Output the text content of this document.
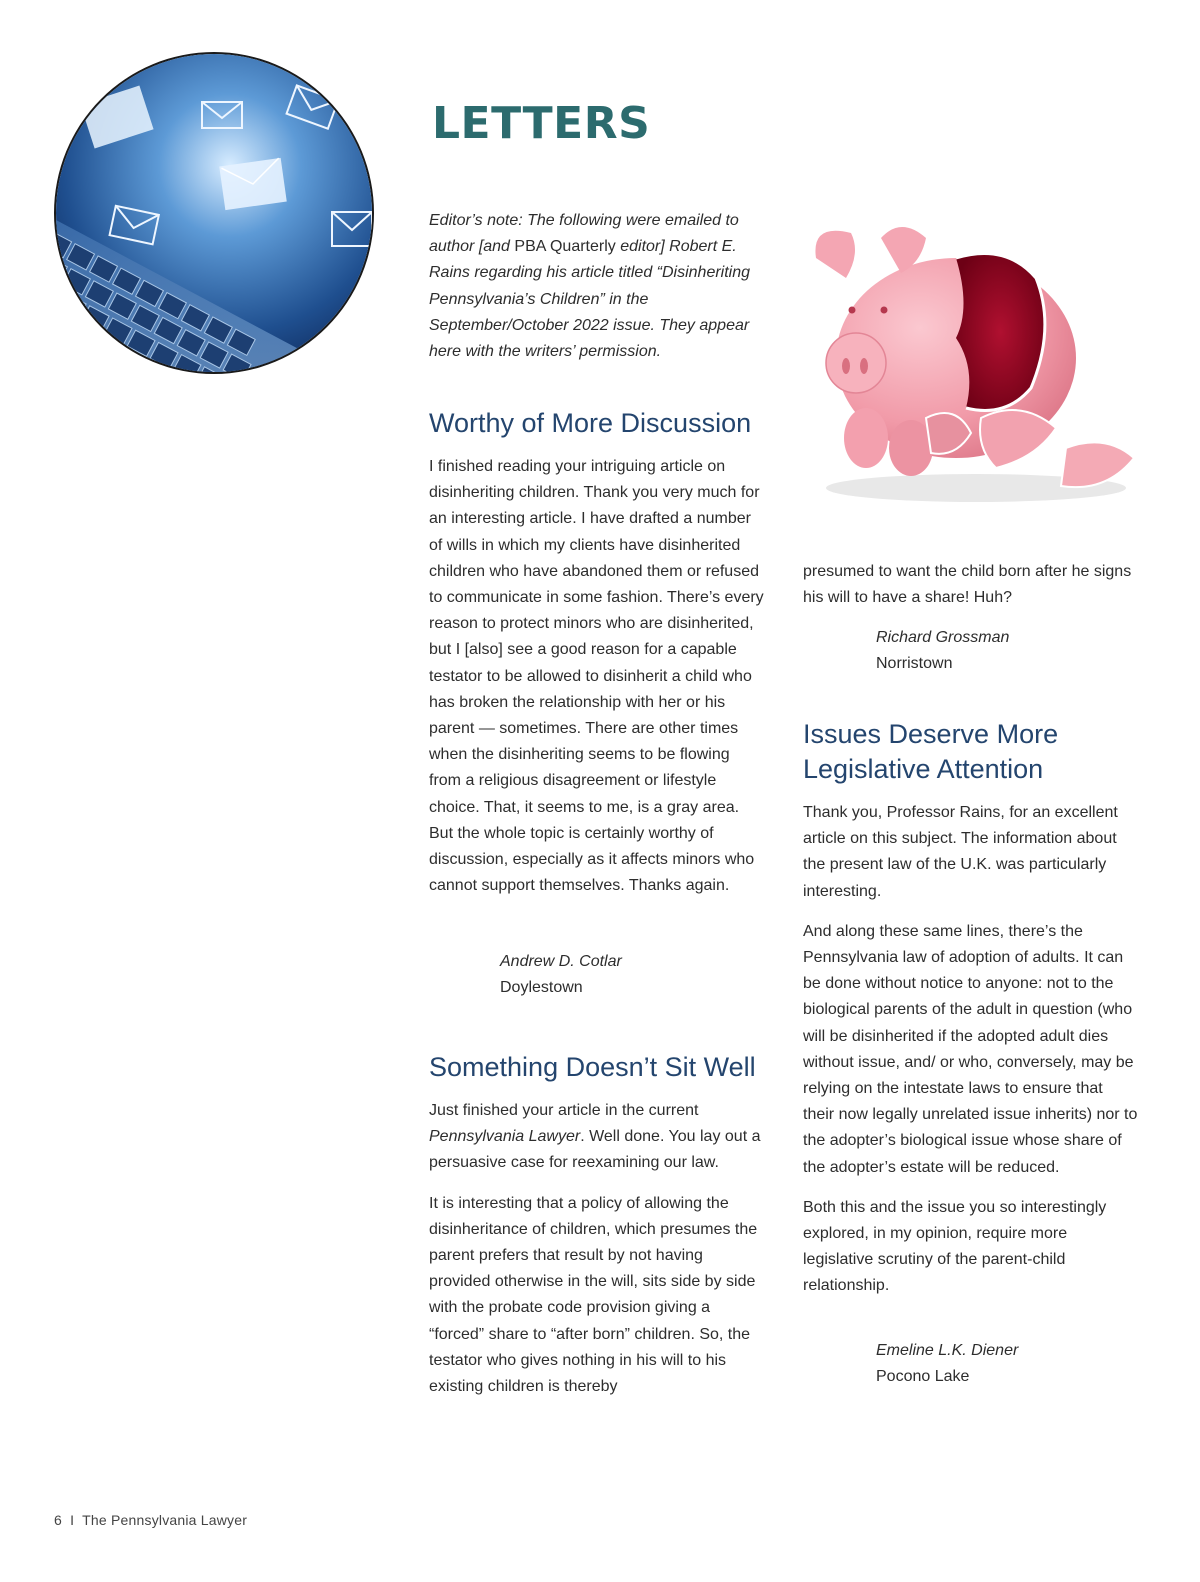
LETTERS

Editor’s note: The following were emailed to author [and PBA Quarterly editor] Robert E. Rains regarding his article titled “Disinheriting Pennsylvania’s Children” in the September/October 2022 issue. They appear here with the writers’ permission.

Worthy of More Discussion

I finished reading your intriguing article on disinheriting children. Thank you very much for an interesting article. I have drafted a number of wills in which my clients have disinherited children who have abandoned them or refused to communicate in some fashion. There’s every reason to protect minors who are disinherited, but I [also] see a good reason for a capable testator to be allowed to disinherit a child who has broken the relationship with her or his parent — sometimes. There are other times when the disinheriting seems to be flowing from a religious disagreement or lifestyle choice. That, it seems to me, is a gray area. But the whole topic is certainly worthy of discussion, especially as it affects minors who cannot support themselves. Thanks again.

Andrew D. Cotlar
Doylestown
Something Doesn’t Sit Well

Just finished your article in the current Pennsylvania Lawyer. Well done. You lay out a persuasive case for reexamining our law.

It is interesting that a policy of allowing the disinheritance of children, which presumes the parent prefers that result by not having provided otherwise in the will, sits side by side with the probate code provision giving a “forced” share to “after born” children. So, the testator who gives nothing in his will to his existing children is thereby

presumed to want the child born after he signs his will to have a share! Huh?

Richard Grossman
Norristown
Issues Deserve More Legislative Attention

Thank you, Professor Rains, for an excellent article on this subject. The information about the present law of the U.K. was particularly interesting.

And along these same lines, there’s the Pennsylvania law of adoption of adults. It can be done without notice to anyone: not to the biological parents of the adult in question (who will be disinherited if the adopted adult dies without issue, and/ or who, conversely, may be relying on the intestate laws to ensure that their now legally unrelated issue inherits) nor to the adopter’s biological issue whose share of the adopter’s estate will be reduced.

Both this and the issue you so interestingly explored, in my opinion, require more legislative scrutiny of the parent-child relationship.

Emeline L.K. Diener
Pocono Lake
6  I  The Pennsylvania Lawyer
